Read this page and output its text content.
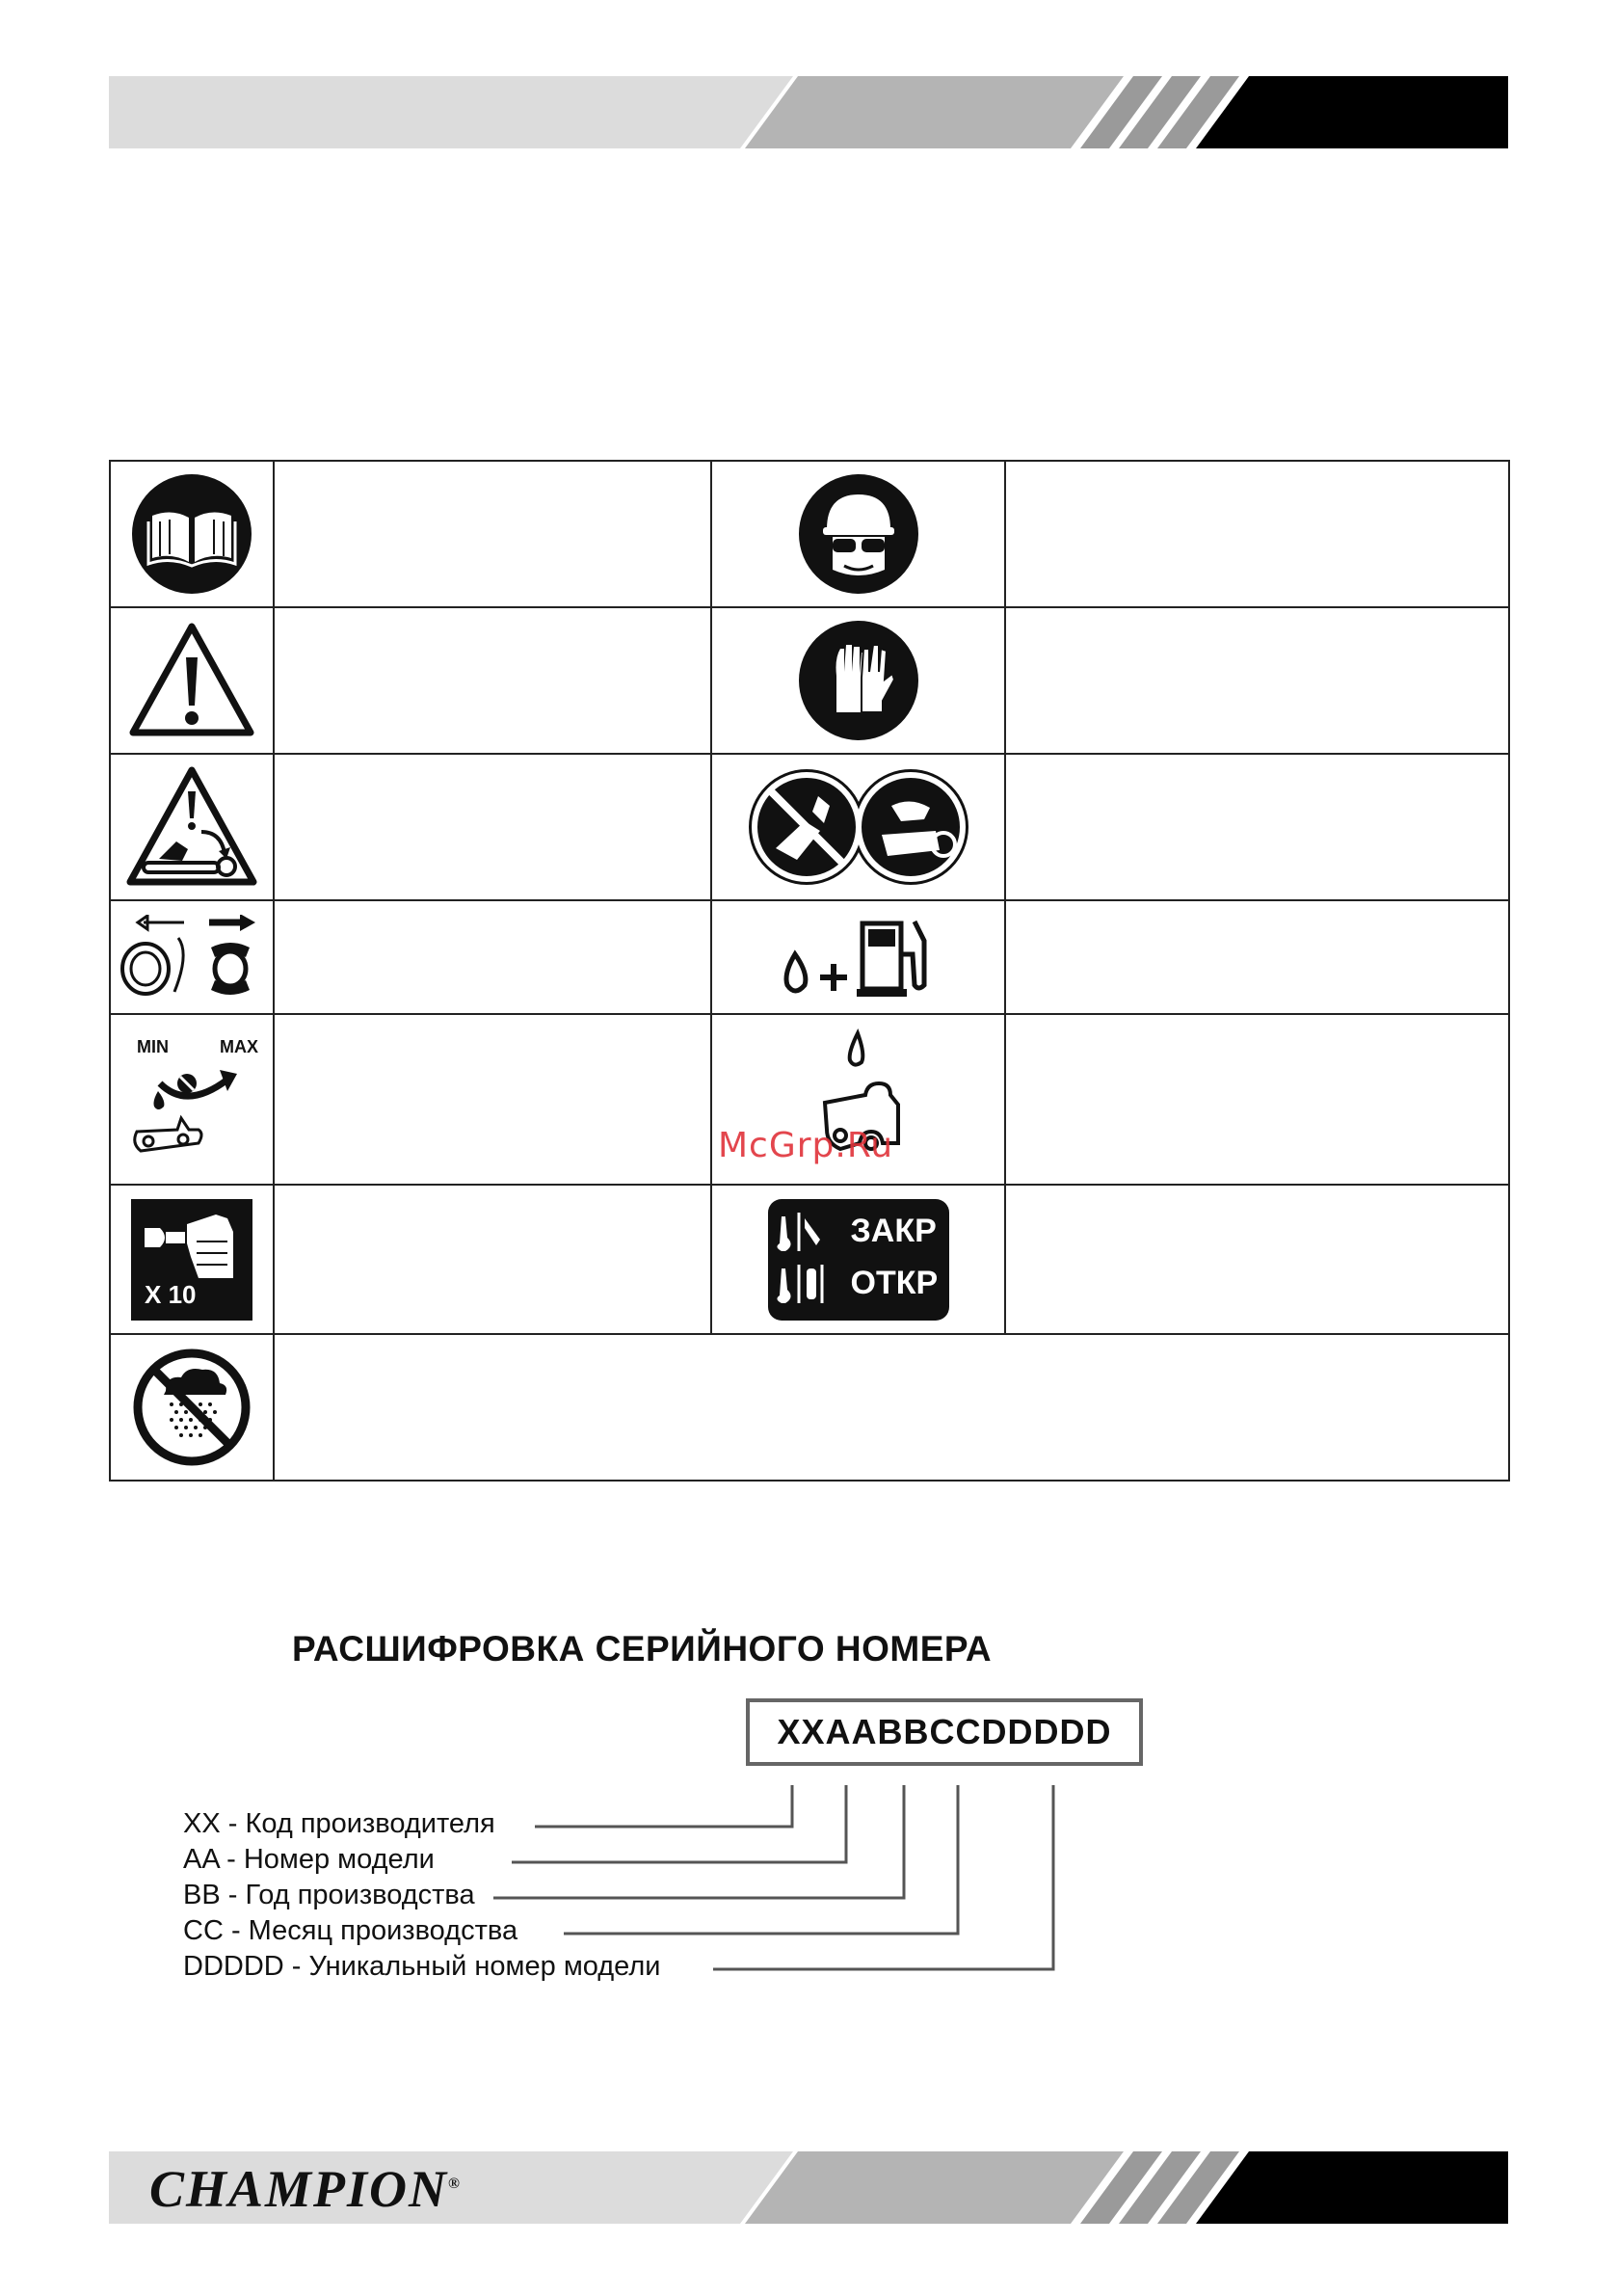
MIN MAX

X 10		ЗАКР
ОТКР	

McGrp.Ru
РАСШИФРОВКА СЕРИЙНОГО НОМЕРА
XXAABBCCDDDDD
XX - Код производителя
AA - Номер модели
BB - Год производства
CC - Месяц производства
DDDDD - Уникальный номер модели
CHAMPION®
